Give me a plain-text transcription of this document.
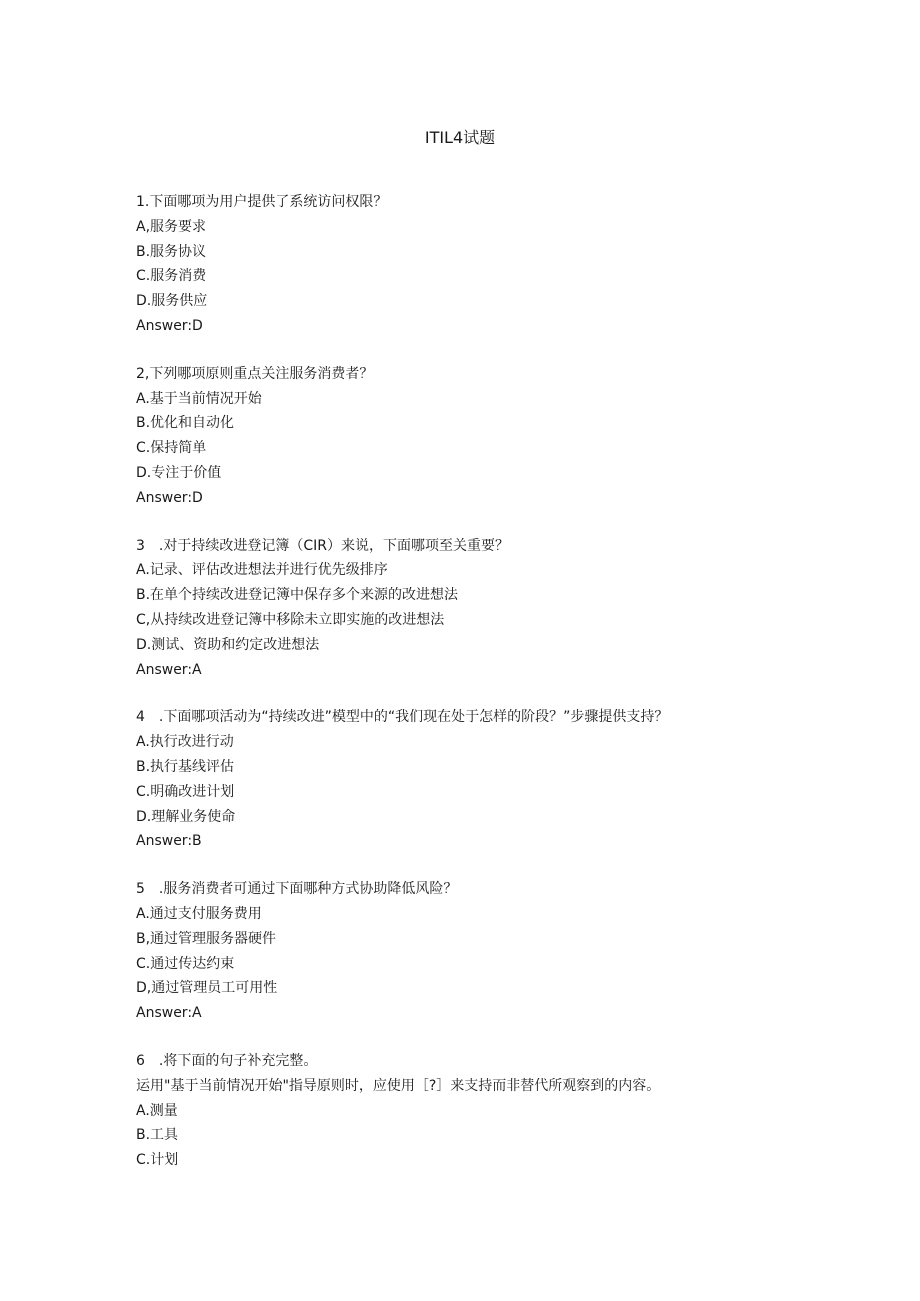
ITIL4试题
1.下面哪项为用户提供了系统访问权限？
A,服务要求
B.服务协议
C.服务消费
D.服务供应
Answer:D
2,下列哪项原则重点关注服务消费者？
A.基于当前情况开始
B.优化和自动化
C.保持简单
D.专注于价值
Answer:D
3 .对于持续改进登记簿（CIR）来说，下面哪项至关重要？
A.记录、评估改进想法并进行优先级排序
B.在单个持续改进登记簿中保存多个来源的改进想法
C,从持续改进登记簿中移除未立即实施的改进想法
D.测试、资助和约定改进想法
Answer:A
4 .下面哪项活动为“持续改进”模型中的“我们现在处于怎样的阶段？”步骤提供支持？
A.执行改进行动
B.执行基线评估
C.明确改进计划
D.理解业务使命
Answer:B
5 .服务消费者可通过下面哪种方式协助降低风险？
A.通过支付服务费用
B,通过管理服务器硬件
C.通过传达约束
D,通过管理员工可用性
Answer:A
6 .将下面的句子补充完整。
运用"基于当前情况开始"指导原则时，应使用［?］来支持而非替代所观察到的内容。
A.测量
B.工具
C.计划
